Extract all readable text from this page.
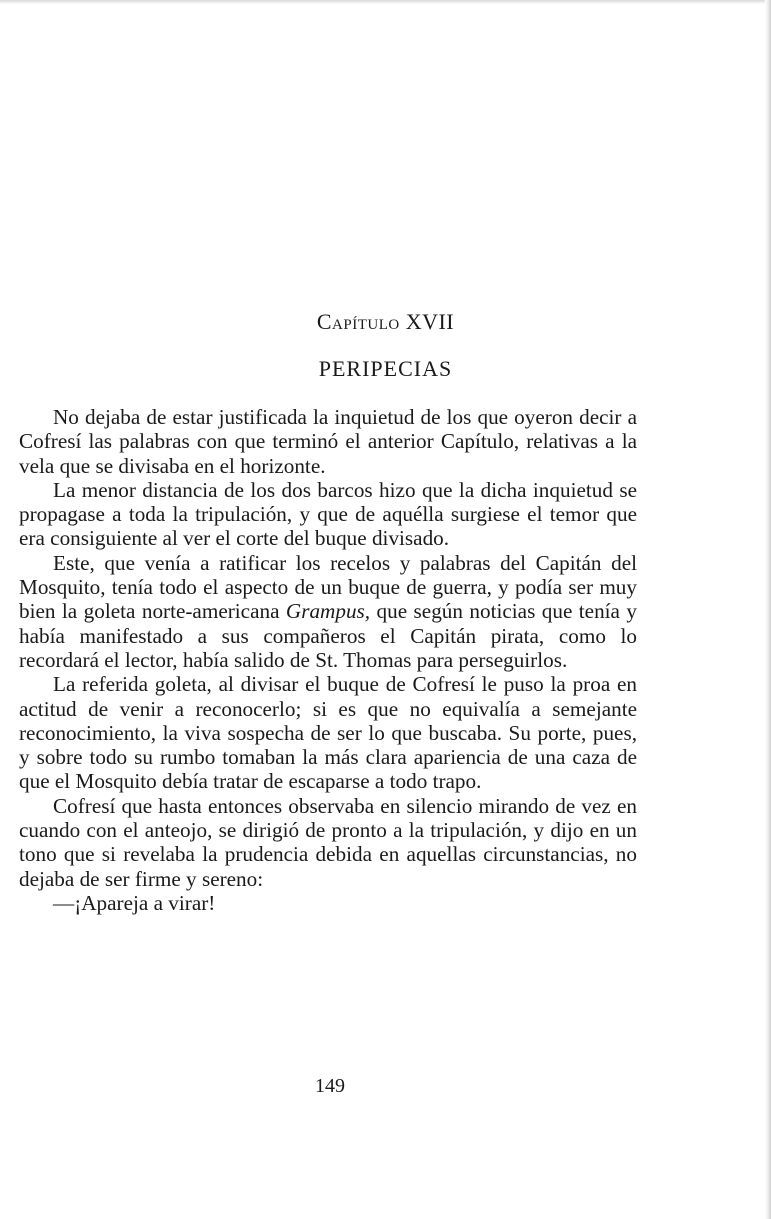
Capítulo XVII
PERIPECIAS

No dejaba de estar justificada la inquietud de los que oyeron decir a Cofresí las palabras con que terminó el anterior Capítulo, relativas a la vela que se divisaba en el horizonte.

La menor distancia de los dos barcos hizo que la dicha inquietud se propagase a toda la tripulación, y que de aquélla surgiese el temor que era consiguiente al ver el corte del buque divisado.

Este, que venía a ratificar los recelos y palabras del Capitán del Mosquito, tenía todo el aspecto de un buque de guerra, y podía ser muy bien la goleta norte-americana Grampus, que según noticias que tenía y había manifestado a sus compañeros el Capitán pirata, como lo recordará el lector, había salido de St. Thomas para perseguirlos.

La referida goleta, al divisar el buque de Cofresí le puso la proa en actitud de venir a reconocerlo; si es que no equivalía a semejante reconocimiento, la viva sospecha de ser lo que buscaba. Su porte, pues, y sobre todo su rumbo tomaban la más clara apariencia de una caza de que el Mosquito debía tratar de escaparse a todo trapo.

Cofresí que hasta entonces observaba en silencio mirando de vez en cuando con el anteojo, se dirigió de pronto a la tripulación, y dijo en un tono que si revelaba la prudencia debida en aquellas circunstancias, no dejaba de ser firme y sereno:

—¡Apareja a virar!

149
